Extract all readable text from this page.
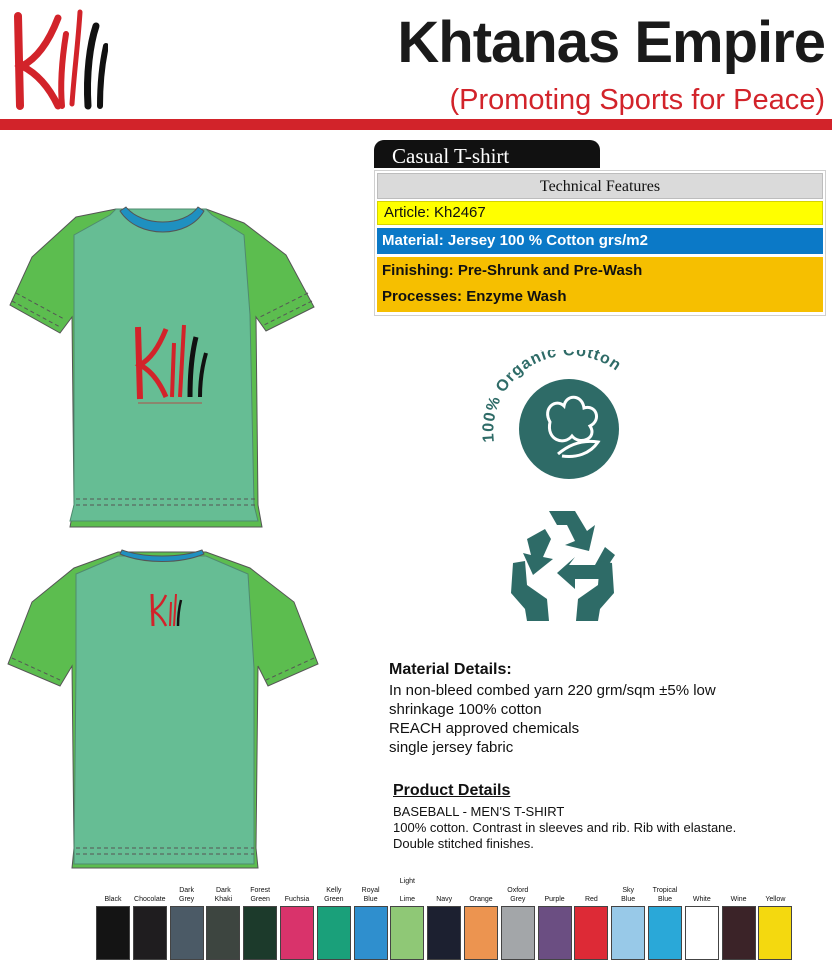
Khtanas Empire
(Promoting Sports for Peace)
Casual T-shirt
Technical Features
Article: Kh2467
Material: Jersey 100 % Cotton grs/m2
Finishing: Pre-Shrunk and Pre-Wash
Processes: Enzyme Wash
100% Organic Cotton
Material Details:
In non-bleed combed yarn 220 grm/sqm ±5% low
shrinkage 100% cotton
REACH approved chemicals
single jersey fabric
Product Details
BASEBALL - MEN'S T-SHIRT
100% cotton. Contrast in sleeves and rib. Rib with elastane.
Double stitched finishes.
Black	Chocolate
Dark
Grey
Dark
Khaki
Forest
Green	Fuchsia
Kelly
Green
Royal
Blue
Light

Lime	Navy	Orange
Oxford
Grey	Purple	Red
Sky
Blue
Tropical
Blue	White	Wine	Yellow
